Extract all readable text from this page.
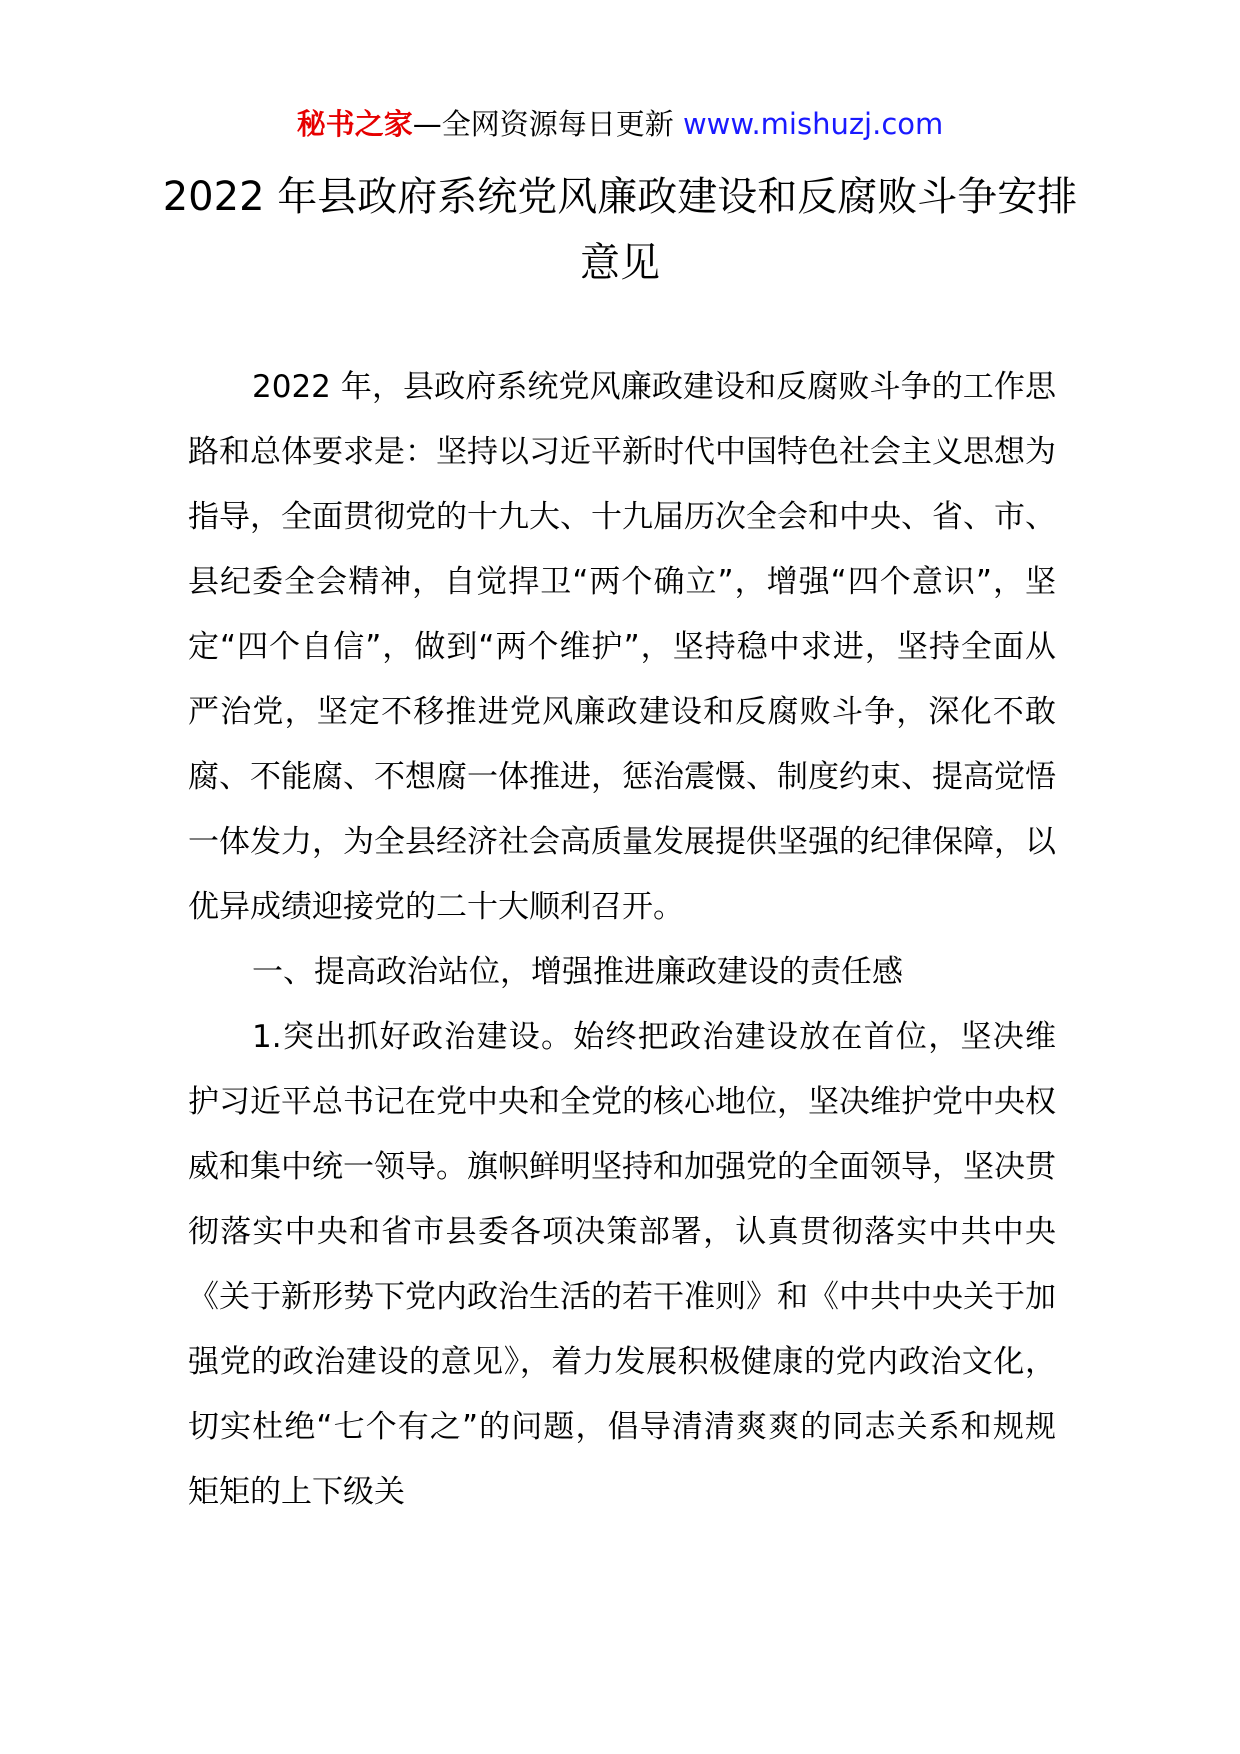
秘书之家—全网资源每日更新 www.mishuzj.com
2022 年县政府系统党风廉政建设和反腐败斗争安排意见

2022 年，县政府系统党风廉政建设和反腐败斗争的工作思路和总体要求是：坚持以习近平新时代中国特色社会主义思想为指导，全面贯彻党的十九大、十九届历次全会和中央、省、市、县纪委全会精神，自觉捍卫“两个确立”，增强“四个意识”，坚定“四个自信”，做到“两个维护”，坚持稳中求进，坚持全面从严治党，坚定不移推进党风廉政建设和反腐败斗争，深化不敢腐、不能腐、不想腐一体推进，惩治震慑、制度约束、提高觉悟一体发力，为全县经济社会高质量发展提供坚强的纪律保障，以优异成绩迎接党的二十大顺利召开。

一、提高政治站位，增强推进廉政建设的责任感

1.突出抓好政治建设。始终把政治建设放在首位，坚决维护习近平总书记在党中央和全党的核心地位，坚决维护党中央权威和集中统一领导。旗帜鲜明坚持和加强党的全面领导，坚决贯彻落实中央和省市县委各项决策部署，认真贯彻落实中共中央《关于新形势下党内政治生活的若干准则》和《中共中央关于加强党的政治建设的意见》，着力发展积极健康的党内政治文化，切实杜绝“七个有之”的问题，倡导清清爽爽的同志关系和规规矩矩的上下级关
